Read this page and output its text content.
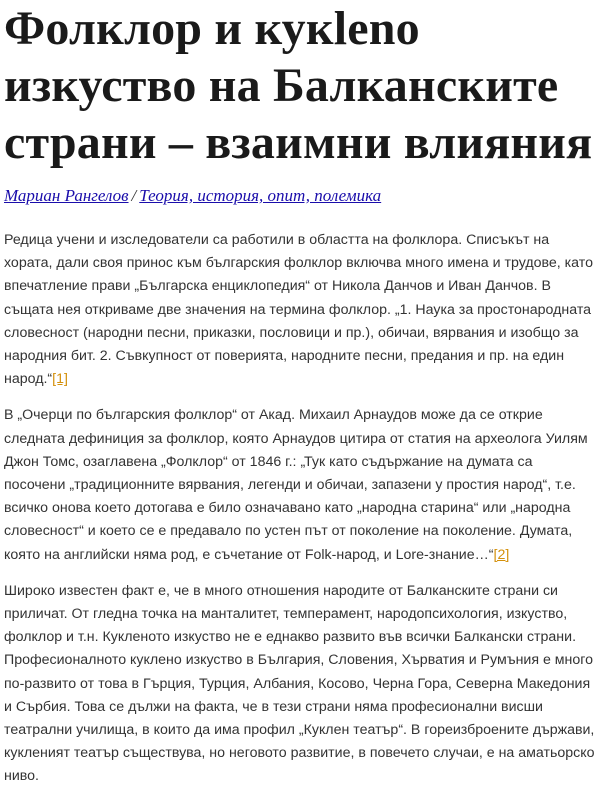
Фолклор и кукleno
изкуство на Балканските
страни – взаимни влияния
Мариан Рангелов / Теория, история, опит, полемика

Редица учени и изследователи са работили в областта на фолклора. Списъкът на хората, дали своя принос към българския фолклор включва много имена и трудове, като впечатление прави „Българска енциклопедия“ от Никола Данчов и Иван Данчов. В същата нея откриваме две значения на термина фолклор. „1. Наука за простонародната словесност (народни песни, приказки, пословици и пр.), обичаи, вярвания и изобщо за народния бит. 2. Съвкупност от поверията, народните песни, предания и пр. на един народ.“[1]

В „Очерци по българския фолклор“ от Акад. Михаил Арнаудов може да се открие следната дефиниция за фолклор, която Арнаудов цитира от статия на археолога Уилям Джон Томс, озаглавена „Фолклор“ от 1846 г.: „Тук като съдържание на думата са посочени „традиционните вярвания, легенди и обичаи, запазени у простия народ“, т.е. всичко онова което дотогава е било означавано като „народна старина“ или „народна словесност“ и което се е предавало по устен път от поколение на поколение. Думата, която на английски няма род, е съчетание от Folk-народ, и Lore-знание…“[2]

Широко известен факт е, че в много отношения народите от Балканските страни си приличат. От гледна точка на манталитет, темперамент, народопсихология, изкуство, фолклор и т.н. Кукленото изкуство не е еднакво развито във всички Балкански страни. Професионалното куклено изкуство в България, Словения, Хърватия и Румъния е много по-развито от това в Гърция, Турция, Албания, Косово, Черна Гора, Северна Македония и Сърбия. Това се дължи на факта, че в тези страни няма професионални висши театрални училища, в които да има профил „Куклен театър“. В гореизброените държави, кукленият театър съществува, но неговото развитие, в повечето случаи, е на аматьорско ниво.
